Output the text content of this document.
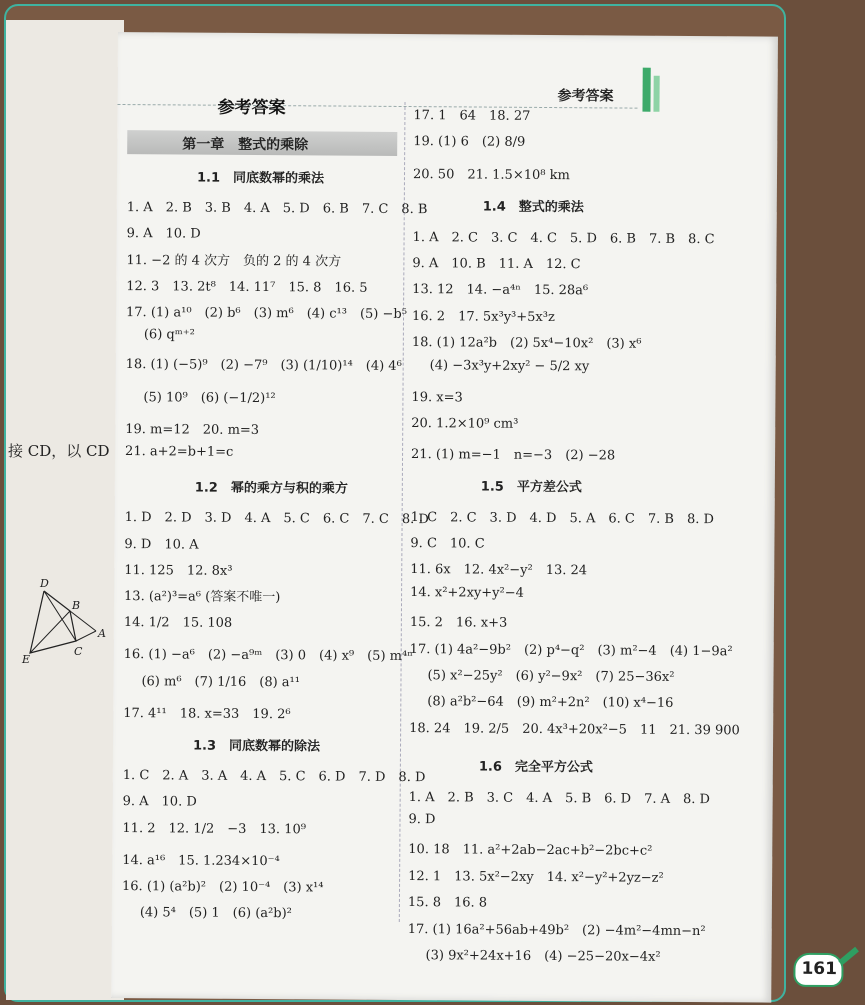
接 CD，以 CD
D
B
C
A
E
参考答案
参考答案
第一章　整式的乘除
1.1　同底数幂的乘法
1. A　2. B　3. B　4. A　5. D　6. B　7. C　8. B
9. A　10. D
11. −2 的 4 次方　负的 2 的 4 次方
12. 3　13. 2t⁸　14. 11⁷　15. 8　16. 5
17. (1) a¹⁰　(2) b⁶　(3) m⁶　(4) c¹³　(5) −b⁵
(6) qᵐ⁺²
18. (1) (−5)⁹　(2) −7⁹　(3) (1/10)¹⁴　(4) 4⁶
(5) 10⁹　(6) (−1/2)¹²
19. m=12　20. m=3
21. a+2=b+1=c
1.2　幂的乘方与积的乘方
1. D　2. D　3. D　4. A　5. C　6. C　7. C　8. D
9. D　10. A
11. 125　12. 8x³
13. (a²)³=a⁶ (答案不唯一)
14. 1/2　15. 108
16. (1) −a⁶　(2) −a⁹ᵐ　(3) 0　(4) x⁹　(5) m⁴ⁿ
(6) m⁶　(7) 1/16　(8) a¹¹
17. 4¹¹　18. x=33　19. 2⁶
1.3　同底数幂的除法
1. C　2. A　3. A　4. A　5. C　6. D　7. D　8. D
9. A　10. D
11. 2　12. 1/2　−3　13. 10⁹
14. a¹⁶　15. 1.234×10⁻⁴
16. (1) (a²b)²　(2) 10⁻⁴　(3) x¹⁴
(4) 5⁴　(5) 1　(6) (a²b)²
17. 1　64　18. 27
19. (1) 6　(2) 8/9
20. 50　21. 1.5×10⁸ km
1.4　整式的乘法
1. A　2. C　3. C　4. C　5. D　6. B　7. B　8. C
9. A　10. B　11. A　12. C
13. 12　14. −a⁴ⁿ　15. 28a⁶
16. 2　17. 5x³y³+5x³z
18. (1) 12a²b　(2) 5x⁴−10x²　(3) x⁶
(4) −3x³y+2xy² − 5/2 xy
19. x=3
20. 1.2×10⁹ cm³
21. (1) m=−1　n=−3　(2) −28
1.5　平方差公式
1. C　2. C　3. D　4. D　5. A　6. C　7. B　8. D
9. C　10. C
11. 6x　12. 4x²−y²　13. 24
14. x²+2xy+y²−4
15. 2　16. x+3
17. (1) 4a²−9b²　(2) p⁴−q²　(3) m²−4　(4) 1−9a²
(5) x²−25y²　(6) y²−9x²　(7) 25−36x²
(8) a²b²−64　(9) m²+2n²　(10) x⁴−16
18. 24　19. 2/5　20. 4x³+20x²−5　11　21. 39 900
1.6　完全平方公式
1. A　2. B　3. C　4. A　5. B　6. D　7. A　8. D
9. D
10. 18　11. a²+2ab−2ac+b²−2bc+c²
12. 1　13. 5x²−2xy　14. x²−y²+2yz−z²
15. 8　16. 8
17. (1) 16a²+56ab+49b²　(2) −4m²−4mn−n²
(3) 9x²+24x+16　(4) −25−20x−4x²
161
